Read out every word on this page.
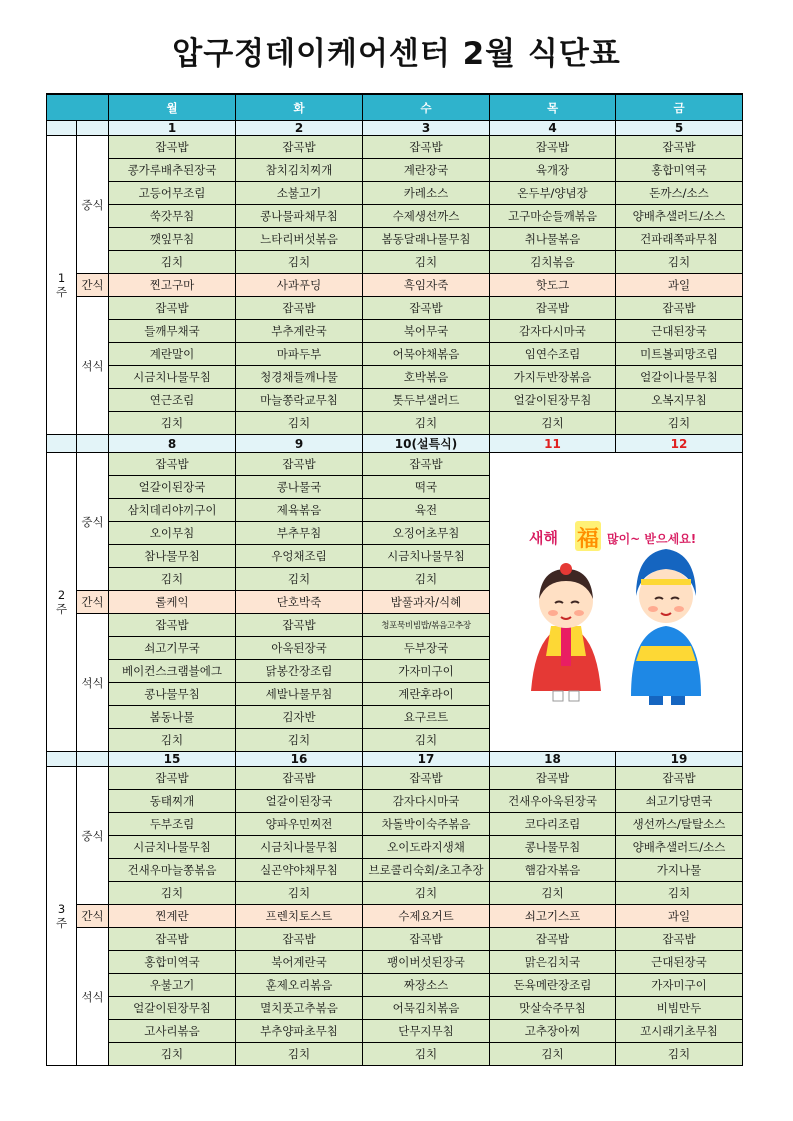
압구정데이케어센터 2월 식단표
		월	화	수	목	금
		1	2	3	4	5
1
주	중식	잡곡밥	잡곡밥	잡곡밥	잡곡밥	잡곡밥
		콩가루배추된장국	참치김치찌개	계란장국	육개장	홍합미역국
		고등어무조림	소불고기	카레소스	온두부/양념장	돈까스/소스
		쑥갓무침	콩나물파채무침	수제생선까스	고구마순들깨볶음	양배추샐러드/소스
		깻잎무침	느타리버섯볶음	봄동달래나물무침	취나물볶음	건파래쪽파무침
		김치	김치	김치	김치볶음	김치
	간식	찐고구마	사과푸딩	흑임자죽	핫도그	과일
	석식	잡곡밥	잡곡밥	잡곡밥	잡곡밥	잡곡밥
		들깨무채국	부추계란국	북어무국	감자다시마국	근대된장국
		계란말이	마파두부	어묵야채볶음	임연수조림	미트볼피망조림
		시금치나물무침	청경채들깨나물	호박볶음	가지두반장볶음	얼갈이나물무침
		연근조림	마늘쫑락교무침	톳두부샐러드	얼갈이된장무침	오복지무침
		김치	김치	김치	김치	김치
		8	9	10(설특식)	11	12
2
주	중식	잡곡밥	잡곡밥	잡곡밥	새해 福 많이~ 받으세요!	

		얼갈이된장국	콩나물국	떡국		
		삼치데리야끼구이	제육볶음	육전		
		오이무침	부추무침	오징어초무침		
		참나물무침	우엉채조림	시금치나물무침		
		김치	김치	김치		
	간식	롤케익	단호박죽	밥풀과자/식혜		
	석식	잡곡밥	잡곡밥	청포묵비빔밥/볶음고추장		
		쇠고기무국	아욱된장국	두부장국		
		베이컨스크램블에그	닭봉간장조림	가자미구이		
		콩나물무침	세발나물무침	계란후라이		
		봄동나물	김자반	요구르트		
		김치	김치	김치		
		15	16	17	18	19
3
주	중식	잡곡밥	잡곡밥	잡곡밥	잡곡밥	잡곡밥
		동태찌개	얼갈이된장국	감자다시마국	건새우아욱된장국	쇠고기당면국
		두부조림	양파우민찌전	차돌박이숙주볶음	코다리조림	생선까스/탈탈소스
		시금치나물무침	시금치나물무침	오이도라지생채	콩나물무침	양배추샐러드/소스
		건새우마늘쫑볶음	실곤약야채무침	브로콜리숙회/초고추장	햄감자볶음	가지나물
		김치	김치	김치	김치	김치
	간식	찐계란	프렌치토스트	수제요거트	쇠고기스프	과일
	석식	잡곡밥	잡곡밥	잡곡밥	잡곡밥	잡곡밥
		홍합미역국	북어계란국	팽이버섯된장국	맑은김치국	근대된장국
		우불고기	훈제오리볶음	짜장소스	돈육메란장조림	가자미구이
		얼갈이된장무침	멸치풋고추볶음	어묵김치볶음	맛살숙주무침	비빔만두
		고사리볶음	부추양파초무침	단무지무침	고추장아찌	꼬시래기초무침
		김치	김치	김치	김치	김치
